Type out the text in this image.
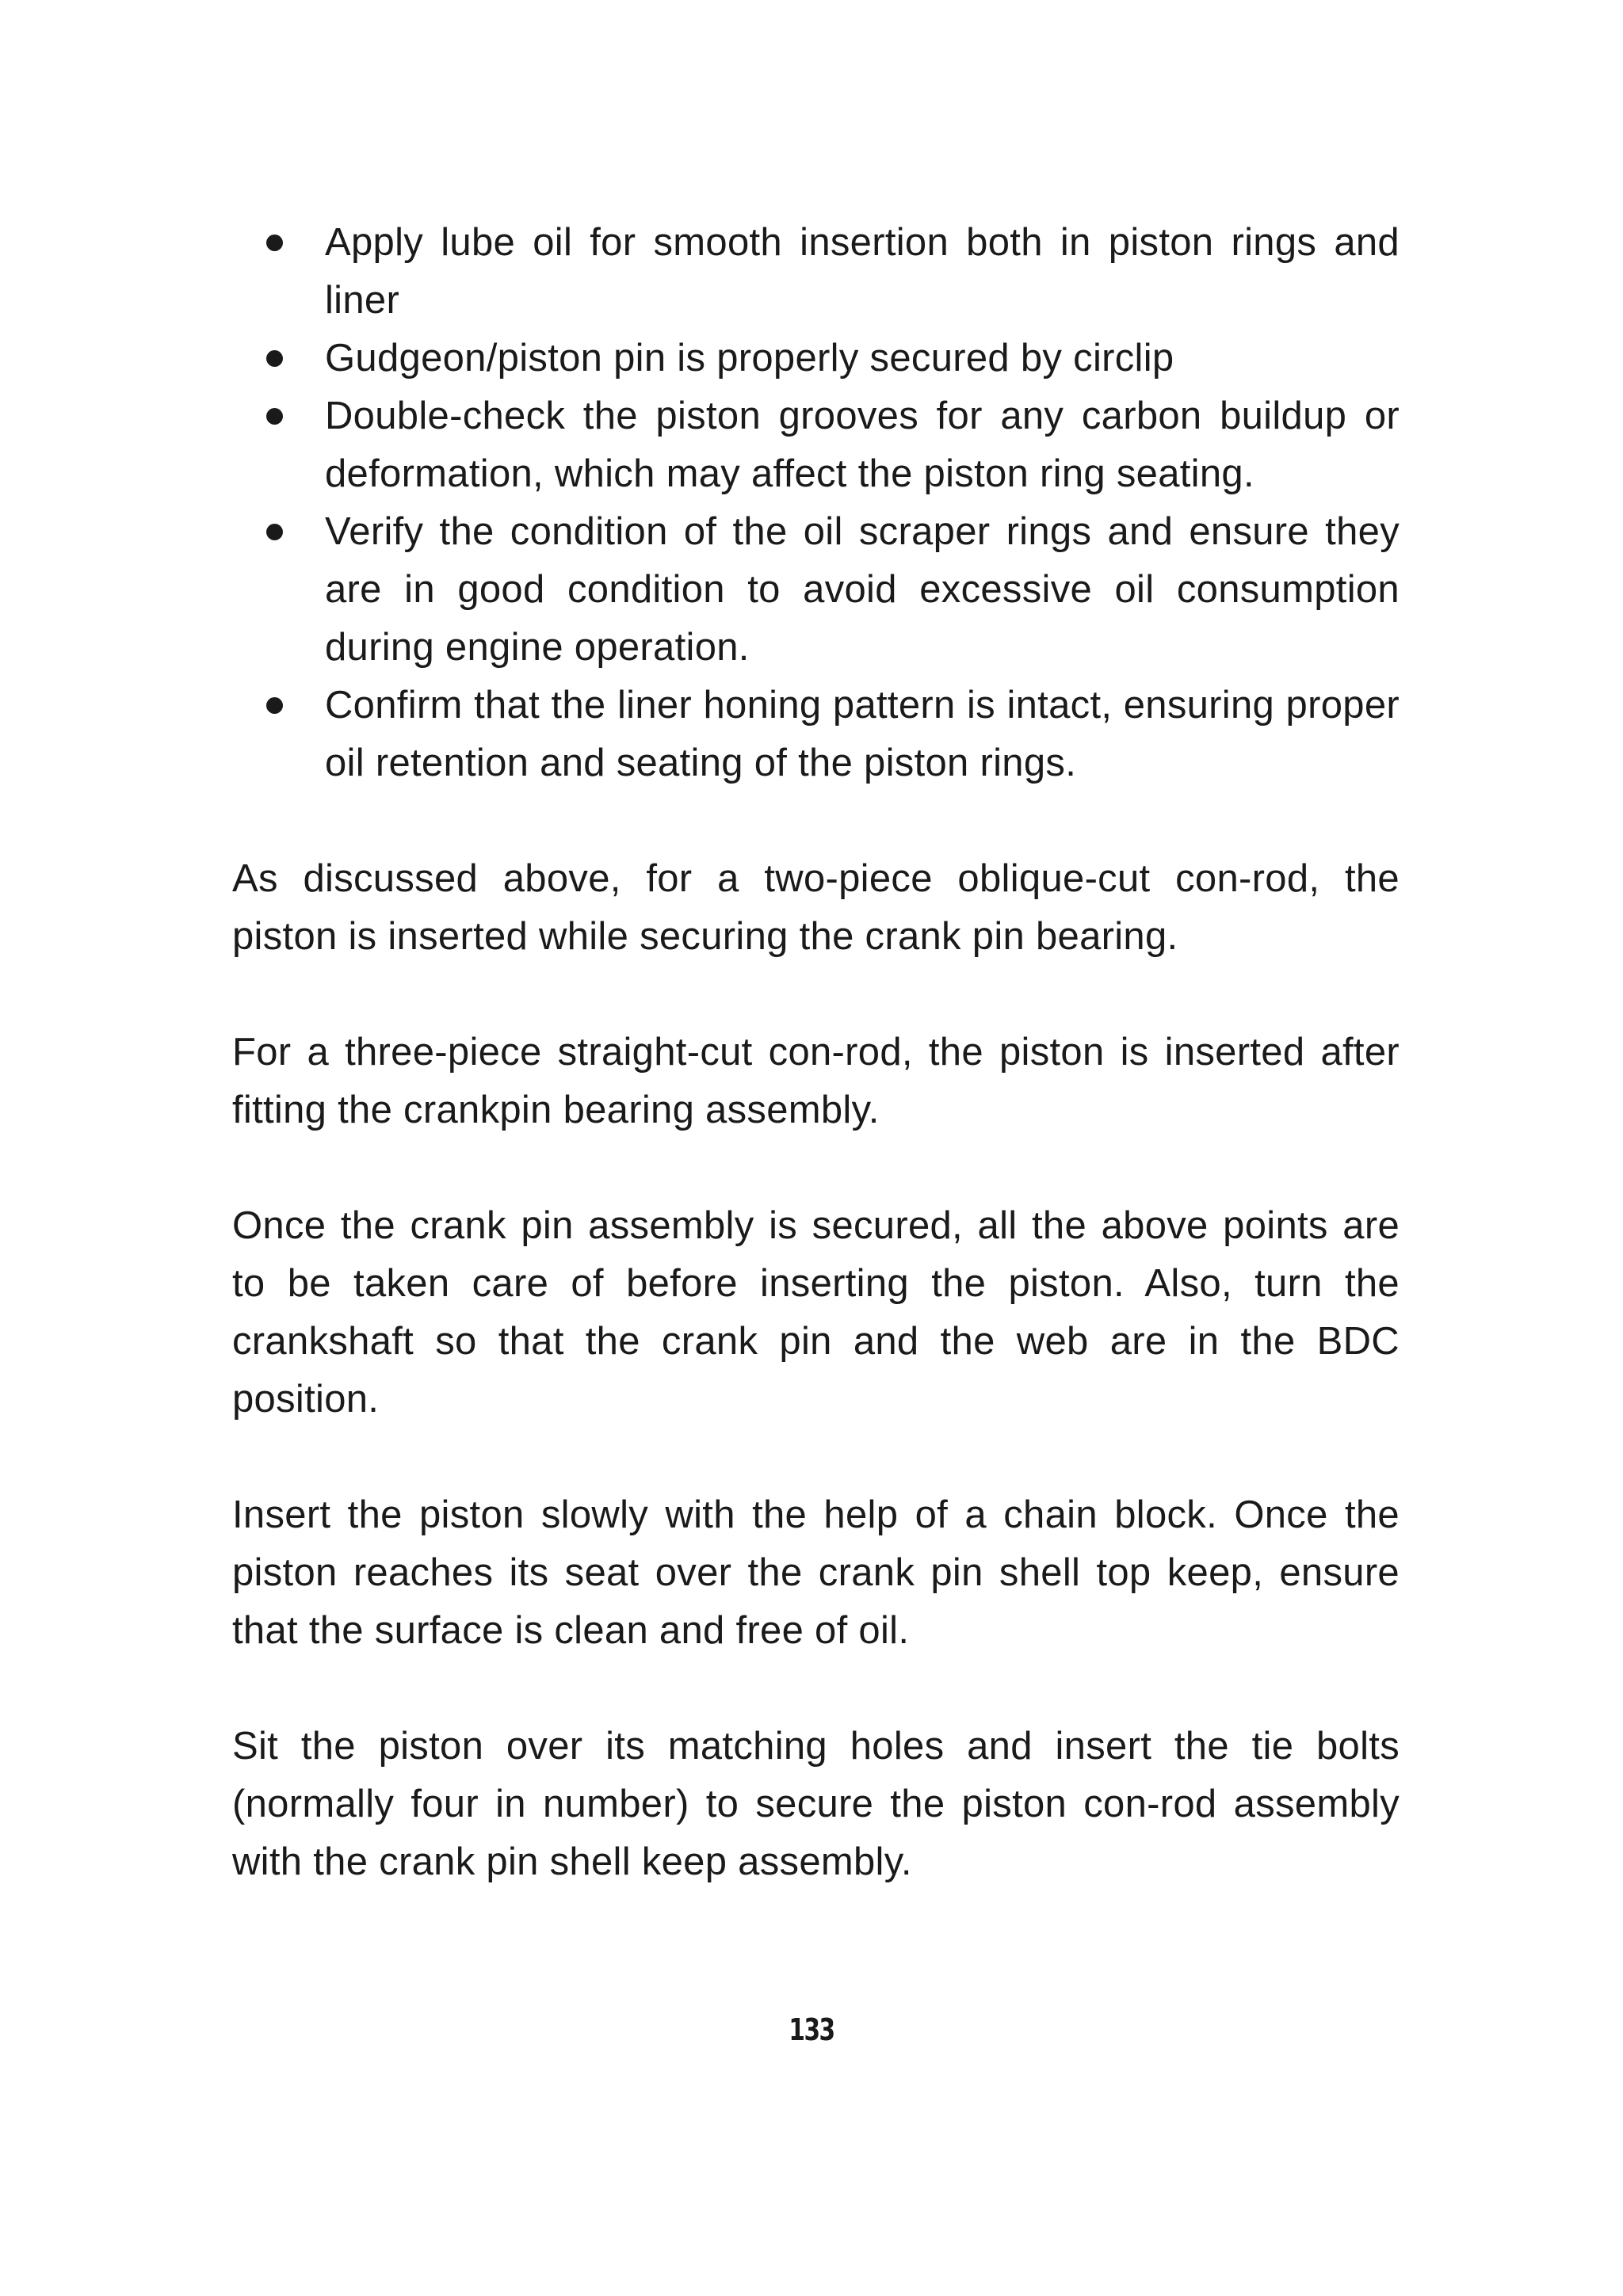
Apply lube oil for smooth insertion both in piston rings and liner
Gudgeon/piston pin is properly secured by circlip
Double-check the piston grooves for any carbon buildup or deformation, which may affect the piston ring seating.
Verify the condition of the oil scraper rings and ensure they are in good condition to avoid excessive oil consumption during engine operation.
Confirm that the liner honing pattern is intact, ensuring proper oil retention and seating of the piston rings.

As discussed above, for a two-piece oblique-cut con-rod, the piston is inserted while securing the crank pin bearing.

For a three-piece straight-cut con-rod, the piston is inserted after fitting the crankpin bearing assembly.

Once the crank pin assembly is secured, all the above points are to be taken care of before inserting the piston. Also, turn the crankshaft so that the crank pin and the web are in the BDC position.

Insert the piston slowly with the help of a chain block. Once the piston reaches its seat over the crank pin shell top keep, ensure that the surface is clean and free of oil.

Sit the piston over its matching holes and insert the tie bolts (normally four in number) to secure the piston con-rod assembly with the crank pin shell keep assembly.

133
